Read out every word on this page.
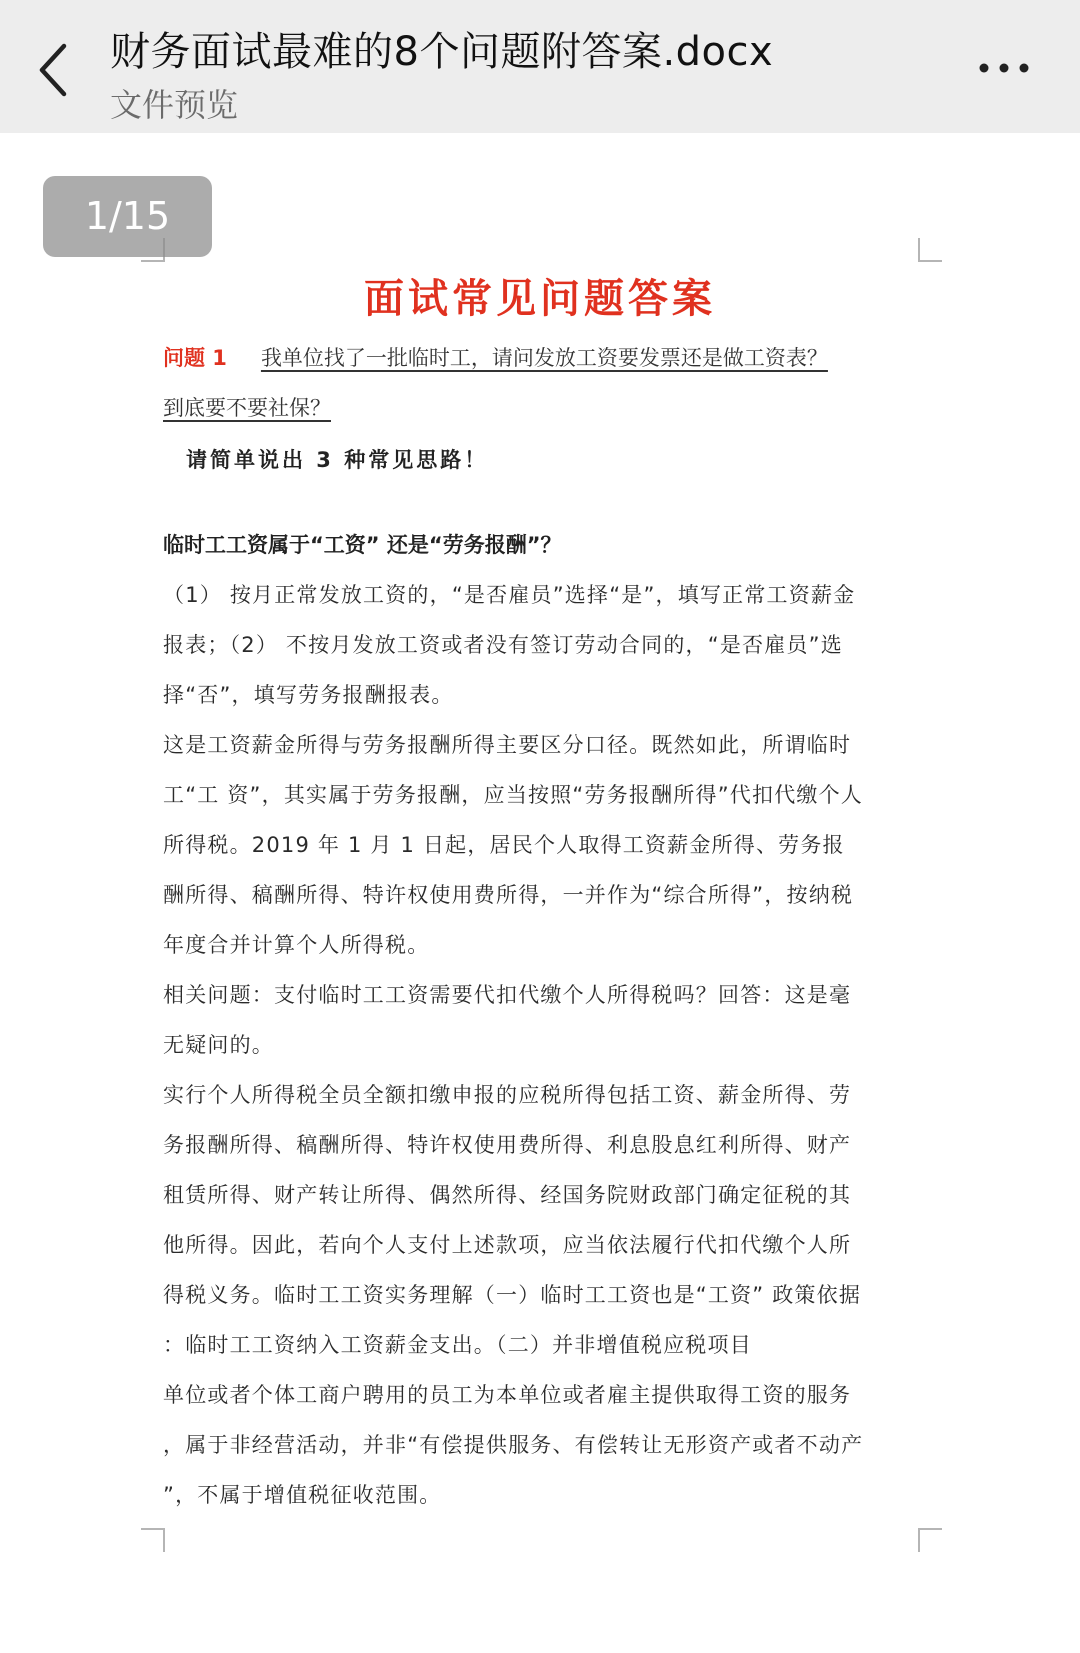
财务面试最难的8个问题附答案.docx
文件预览
1/15
面试常见问题答案
问题 1 我单位找了一批临时工，请问发放工资要发票还是做工资表？
到底要不要社保？
请简单说出 3 种常见思路！
临时工工资属于“工资” 还是“劳务报酬”？
（1） 按月正常发放工资的，“是否雇员”选择“是”，填写正常工资薪金
报表；（2） 不按月发放工资或者没有签订劳动合同的，“是否雇员”选
择“否”，填写劳务报酬报表。
这是工资薪金所得与劳务报酬所得主要区分口径。既然如此，所谓临时
工“工 资”，其实属于劳务报酬，应当按照“劳务报酬所得”代扣代缴个人
所得税。2019 年 1 月 1 日起，居民个人取得工资薪金所得、劳务报
酬所得、稿酬所得、特许权使用费所得，一并作为“综合所得”，按纳税
年度合并计算个人所得税。
相关问题：支付临时工工资需要代扣代缴个人所得税吗？回答：这是毫
无疑问的。
实行个人所得税全员全额扣缴申报的应税所得包括工资、薪金所得、劳
务报酬所得、稿酬所得、特许权使用费所得、利息股息红利所得、财产
租赁所得、财产转让所得、偶然所得、经国务院财政部门确定征税的其
他所得。因此，若向个人支付上述款项，应当依法履行代扣代缴个人所
得税义务。临时工工资实务理解（一）临时工工资也是“工资” 政策依据
：临时工工资纳入工资薪金支出。（二）并非增值税应税项目
单位或者个体工商户聘用的员工为本单位或者雇主提供取得工资的服务
，属于非经营活动，并非“有偿提供服务、有偿转让无形资产或者不动产
”，不属于增值税征收范围。
